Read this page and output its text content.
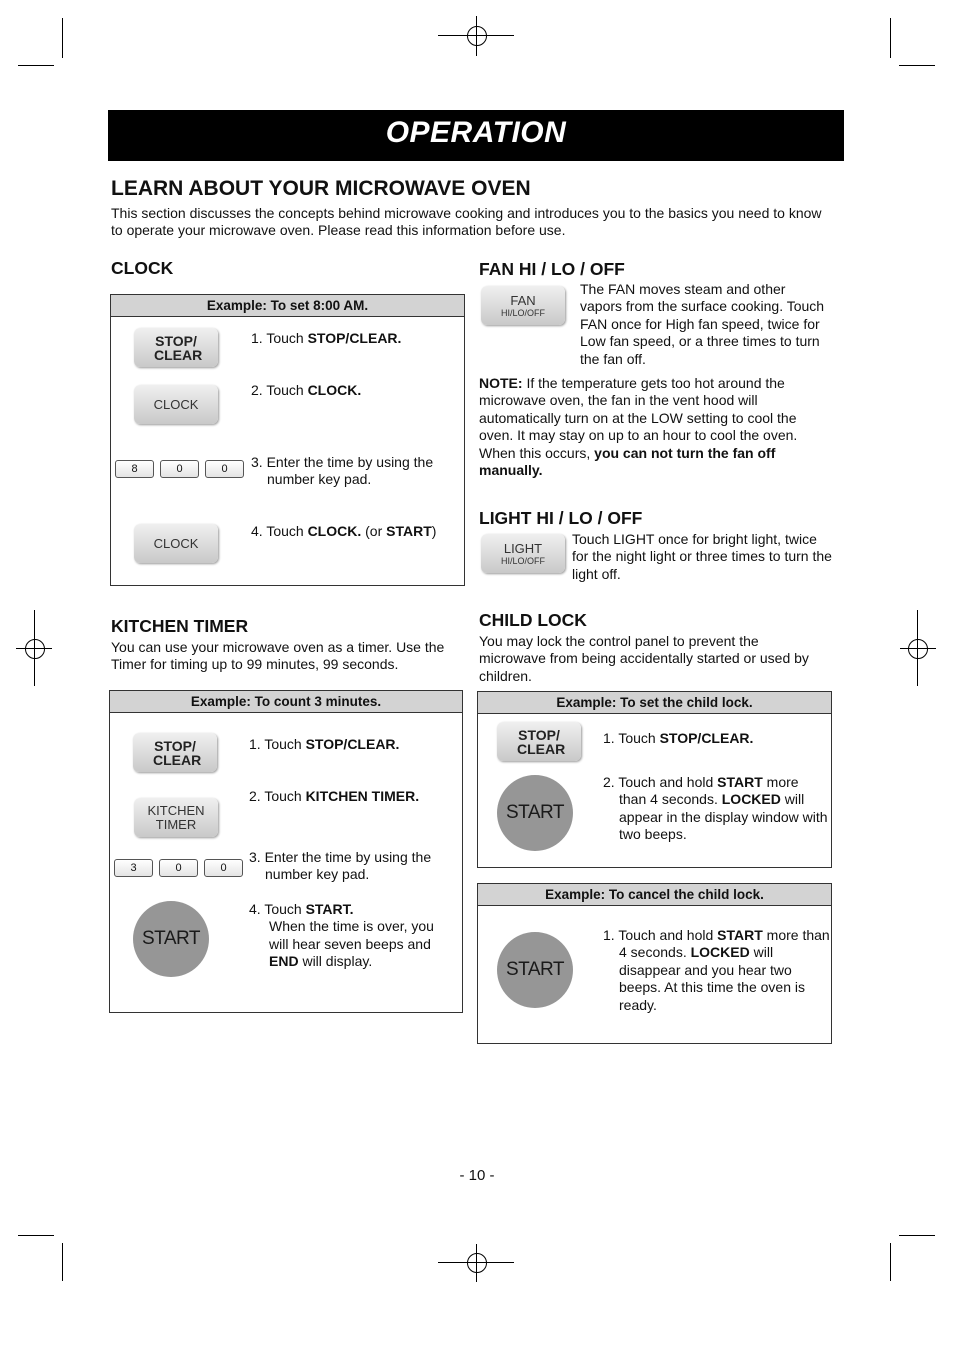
OPERATION
LEARN ABOUT YOUR MICROWAVE OVEN

This section discusses the concepts behind microwave cooking and introduces you to the basics you need to know to operate your microwave oven. Please read this information before use.

CLOCK
Example: To set 8:00 AM.
STOP/ CLEAR
1. Touch STOP/CLEAR.
CLOCK
2. Touch CLOCK.
8	0	0	3. Enter the time by using the number key pad.
CLOCK
4. Touch CLOCK. (or START)
KITCHEN TIMER

You can use your microwave oven as a timer. Use the Timer for timing up to 99 minutes, 99 seconds.

Example: To count 3 minutes.
STOP/ CLEAR
1. Touch STOP/CLEAR.
KITCHEN TIMER
2. Touch KITCHEN TIMER.
3	0	0
3. Enter the time by using the number key pad.
START
4. Touch START.
When the time is over, you will hear seven beeps and END will display.
FAN HI / LO / OFF
FAN
HI/LO/OFF

The FAN moves steam and other vapors from the surface cooking. Touch FAN once for High fan speed, twice for Low fan speed, or a three times to turn the fan off.

NOTE: If the temperature gets too hot around the microwave oven, the fan in the vent hood will automatically turn on at the LOW setting to cool the oven. It may stay on up to an hour to cool the oven. When this occurs, you can not turn the fan off manually.

LIGHT HI / LO / OFF
LIGHT
HI/LO/OFF

Touch LIGHT once for bright light, twice for the night light or three times to turn the light off.

CHILD LOCK

You may lock the control panel to prevent the microwave from being accidentally started or used by children.

Example: To set the child lock.
STOP/ CLEAR
1. Touch STOP/CLEAR.
START
2. Touch and hold START more than 4 seconds. LOCKED will appear in the display window with two beeps.
Example: To cancel the child lock.
START
1. Touch and hold START more than 4 seconds. LOCKED will disappear and you hear two beeps. At this time the oven is ready.
- 10 -
